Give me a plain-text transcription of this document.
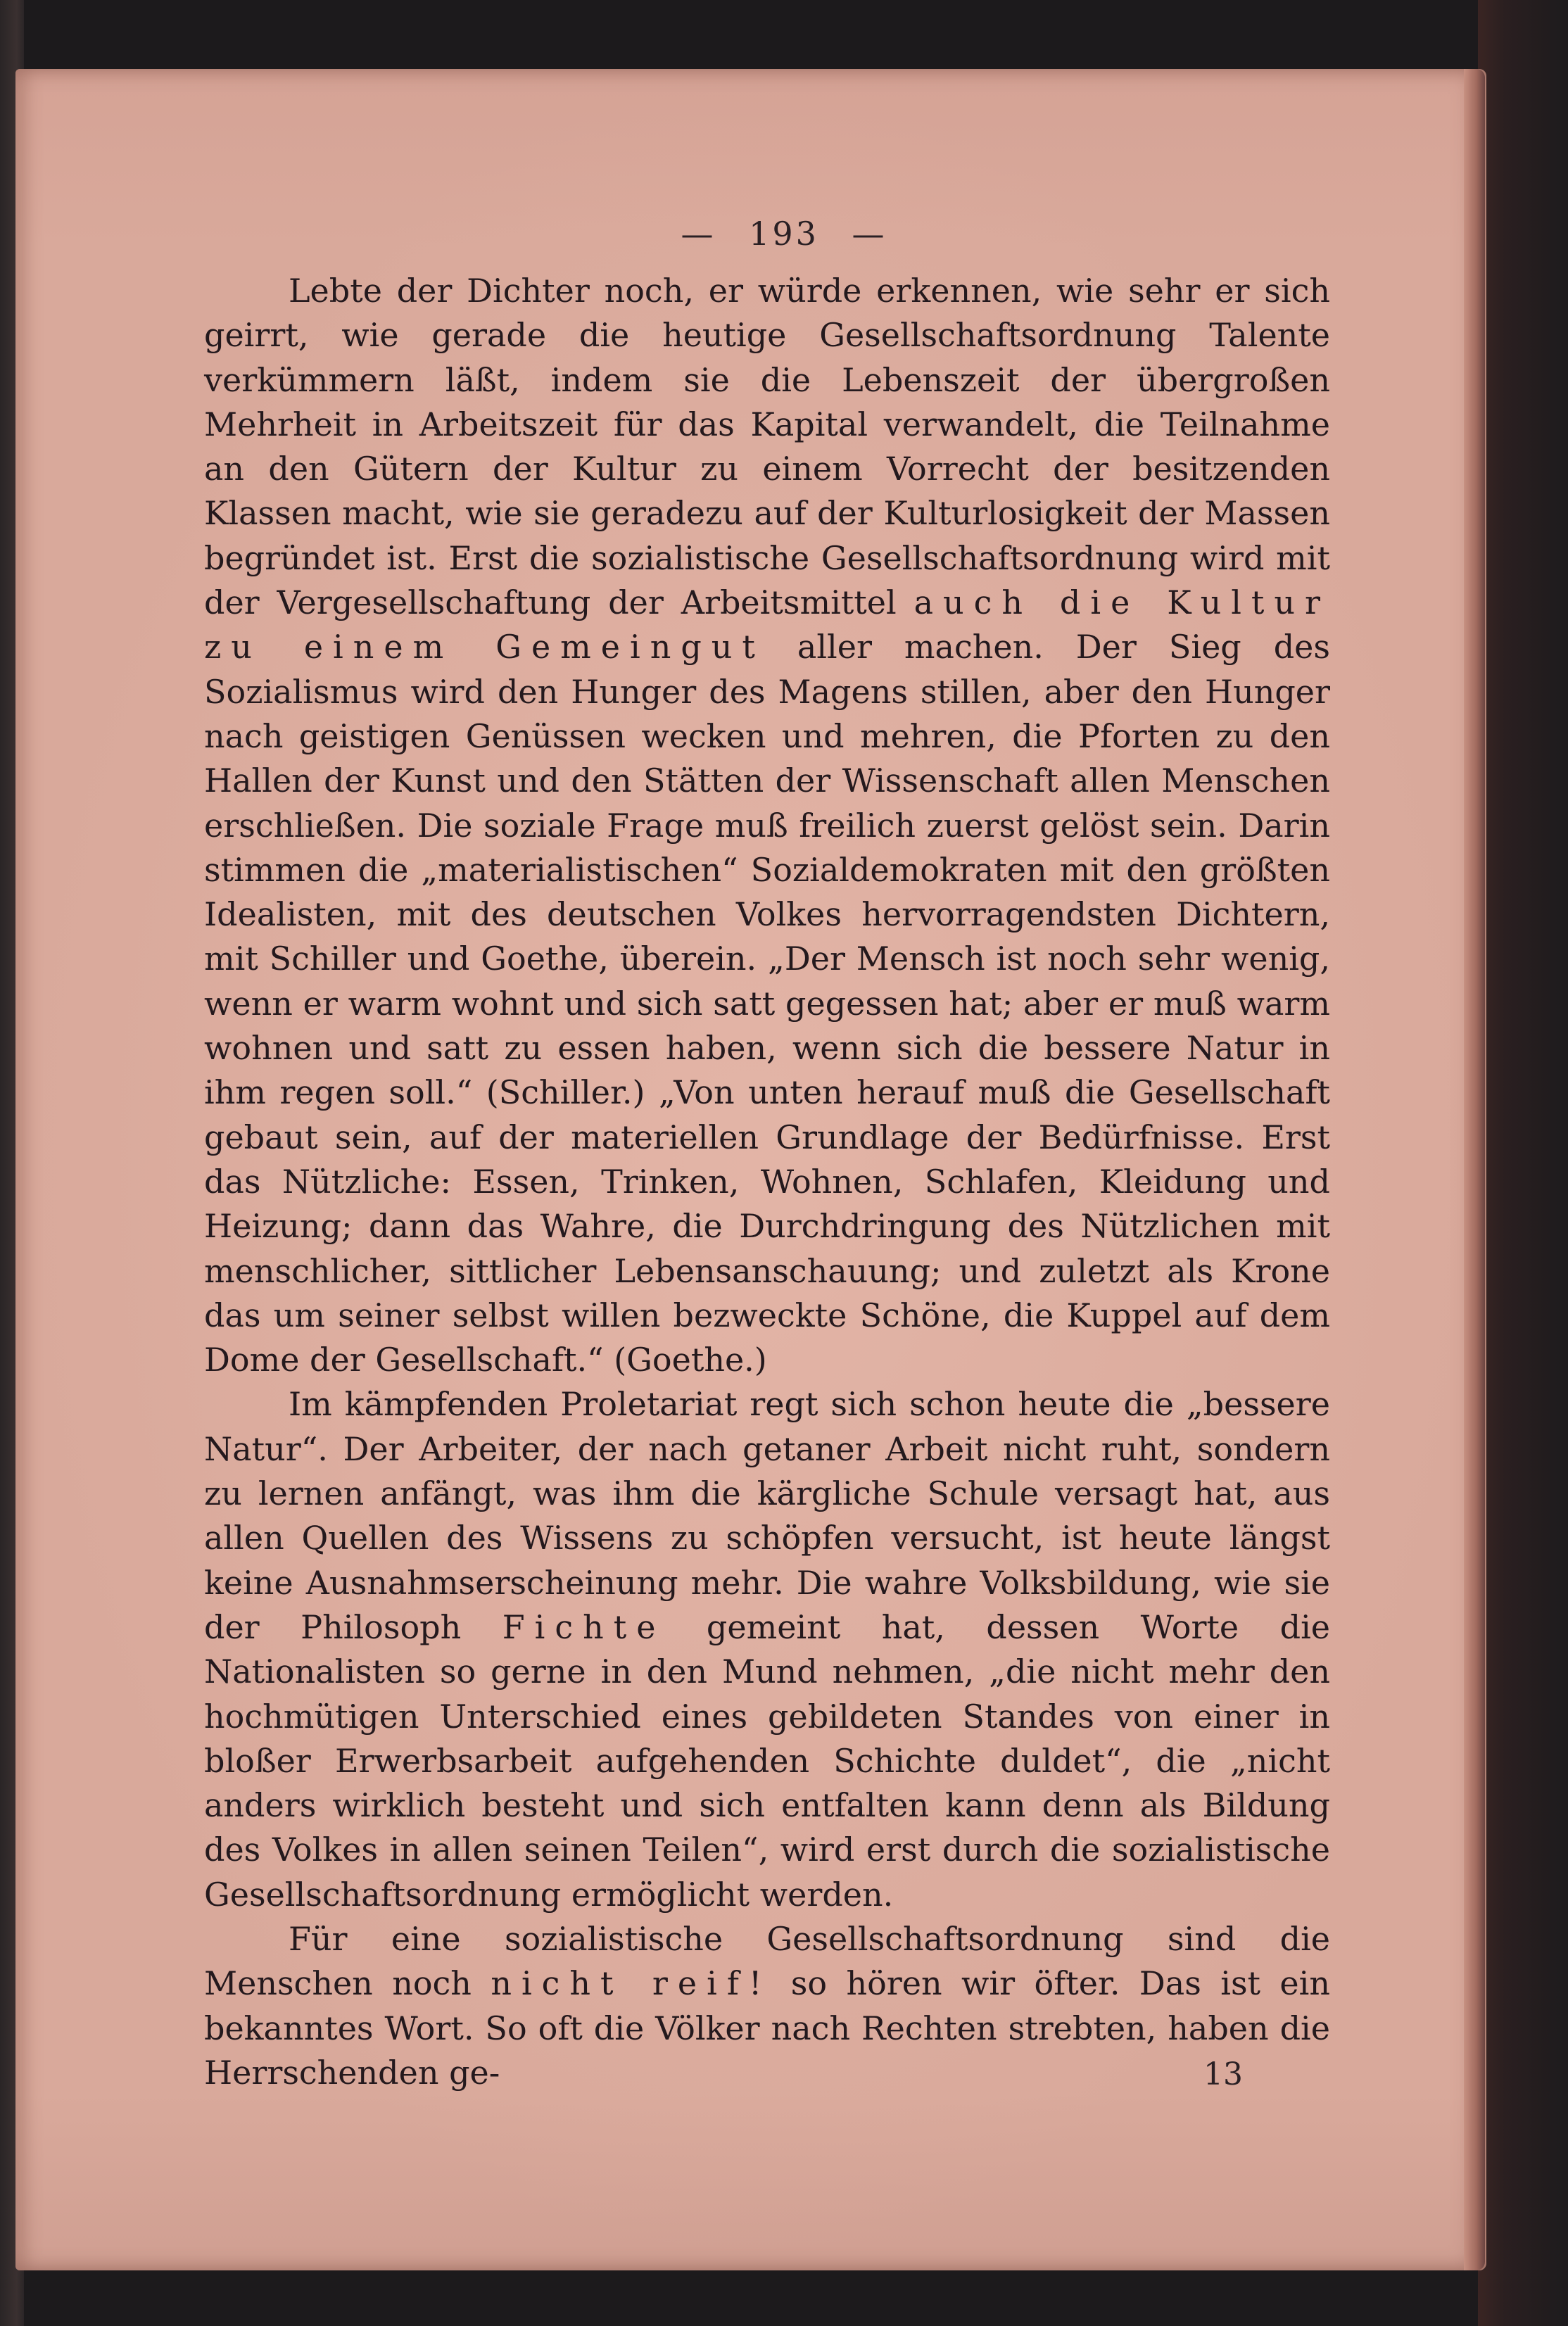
— 193 —

Lebte der Dichter noch, er würde erkennen, wie sehr er sich geirrt, wie gerade die heutige Gesellschaftsordnung Talente verkümmern läßt, indem sie die Lebenszeit der übergroßen Mehrheit in Arbeitszeit für das Kapital verwandelt, die Teilnahme an den Gütern der Kultur zu einem Vorrecht der besitzenden Klassen macht, wie sie geradezu auf der Kulturlosigkeit der Massen begründet ist. Erst die sozialistische Gesellschaftsordnung wird mit der Vergesellschaftung der Arbeitsmittel auch die Kultur zu einem Gemeingut aller machen. Der Sieg des Sozialismus wird den Hunger des Magens stillen, aber den Hunger nach geistigen Genüssen wecken und mehren, die Pforten zu den Hallen der Kunst und den Stätten der Wissenschaft allen Menschen erschließen. Die soziale Frage muß freilich zuerst gelöst sein. Darin stimmen die „materialistischen“ Sozialdemokraten mit den größten Idealisten, mit des deutschen Volkes hervorragendsten Dichtern, mit Schiller und Goethe, überein. „Der Mensch ist noch sehr wenig, wenn er warm wohnt und sich satt gegessen hat; aber er muß warm wohnen und satt zu essen haben, wenn sich die bessere Natur in ihm regen soll.“ (Schiller.) „Von unten herauf muß die Gesellschaft gebaut sein, auf der materiellen Grundlage der Bedürfnisse. Erst das Nützliche: Essen, Trinken, Wohnen, Schlafen, Kleidung und Heizung; dann das Wahre, die Durchdringung des Nützlichen mit menschlicher, sittlicher Lebensanschauung; und zuletzt als Krone das um seiner selbst willen bezweckte Schöne, die Kuppel auf dem Dome der Gesellschaft.“ (Goethe.)

Im kämpfenden Proletariat regt sich schon heute die „bessere Natur“. Der Arbeiter, der nach getaner Arbeit nicht ruht, sondern zu lernen anfängt, was ihm die kärgliche Schule versagt hat, aus allen Quellen des Wissens zu schöpfen versucht, ist heute längst keine Ausnahmserscheinung mehr. Die wahre Volksbildung, wie sie der Philosoph Fichte gemeint hat, dessen Worte die Nationalisten so gerne in den Mund nehmen, „die nicht mehr den hochmütigen Unterschied eines gebildeten Standes von einer in bloßer Erwerbsarbeit aufgehenden Schichte duldet“, die „nicht anders wirklich besteht und sich entfalten kann denn als Bildung des Volkes in allen seinen Teilen“, wird erst durch die sozialistische Gesellschaftsordnung ermöglicht werden.

Für eine sozialistische Gesellschaftsordnung sind die Menschen noch nicht reif! so hören wir öfter. Das ist ein bekanntes Wort. So oft die Völker nach Rechten strebten, haben die Herrschenden ge-	13
